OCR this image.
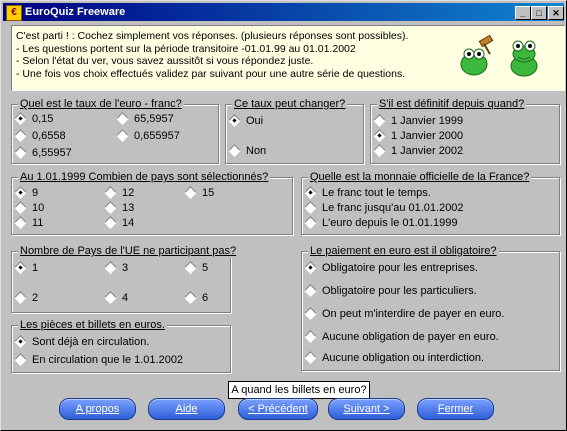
€ EuroQuiz Freeware	_	□	✕
C'est parti ! : Cochez simplement vos réponses. (plusieurs réponses sont possibles).
- Les questions portent sur la période transitoire -01.01.99 au 01.01.2002
- Selon l'état du ver, vous savez aussitôt si vous répondez juste.
- Une fois vos choix effectués validez par suivant pour une autre série de questions.
Quel est le taux de l'euro - franc?
0,15	65,5957
0,6558	0,655957
6,55957
Ce taux peut changer?
Oui
Non
S'il est définitif depuis quand?
1 Janvier 1999
1 Janvier 2000
1 Janvier 2002
Au 1.01.1999 Combien de pays sont sélectionnés?
9	12	15
10	13
11	14
Quelle est la monnaie officielle de la France?
Le franc tout le temps.
Le franc jusqu'au 01.01.2002
L'euro depuis le 01.01.1999
Nombre de Pays de l'UE ne participant pas?
1	3	5
2	4	6
Le paiement en euro est il obligatoire?
Obligatoire pour les entreprises.
Obligatoire pour les particuliers.
On peut m'interdire de payer en euro.
Aucune obligation de payer en euro.
Aucune obligation ou interdiction.
Les pièces et billets en euros.
Sont déjà en circulation.
En circulation que le 1.01.2002
A quand les billets en euro?
A propos	Aide	< Précédent	Suivant >	Fermer
